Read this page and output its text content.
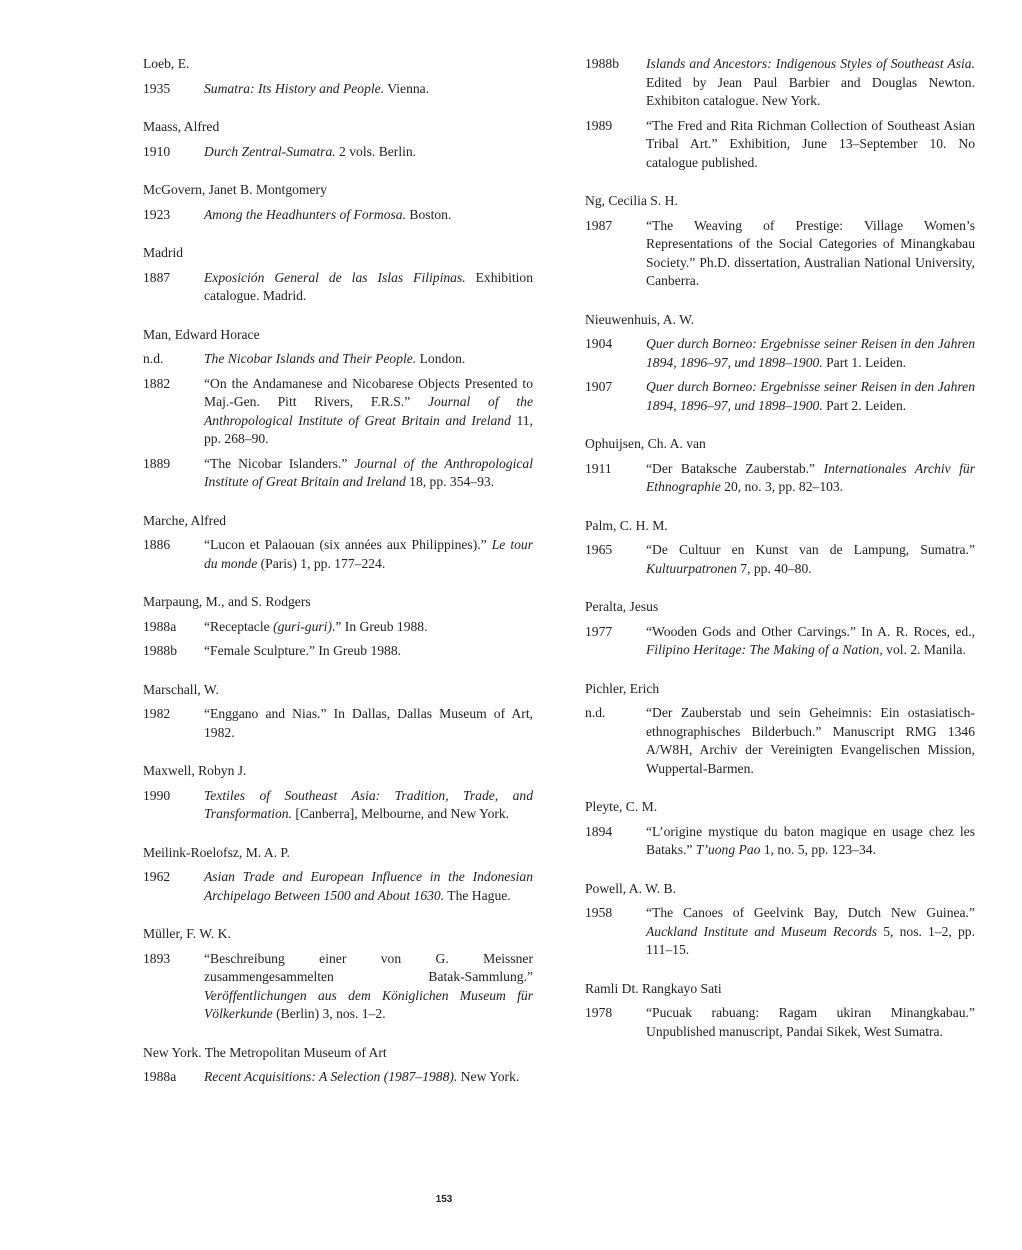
Loeb, E.

1935	Sumatra: Its History and People. Vienna.

Maass, Alfred

1910	Durch Zentral-Sumatra. 2 vols. Berlin.

McGovern, Janet B. Montgomery

1923	Among the Headhunters of Formosa. Boston.

Madrid

1887	Exposición General de las Islas Filipinas. Exhibition catalogue. Madrid.

Man, Edward Horace

n.d.	The Nicobar Islands and Their People. London.
1882	“On the Andamanese and Nicobarese Objects Presented to Maj.-Gen. Pitt Rivers, F.R.S.” Journal of the Anthropological Institute of Great Britain and Ireland 11, pp. 268–90.
1889	“The Nicobar Islanders.” Journal of the Anthropological Institute of Great Britain and Ireland 18, pp. 354–93.

Marche, Alfred

1886	“Lucon et Palaouan (six années aux Philippines).” Le tour du monde (Paris) 1, pp. 177–224.

Marpaung, M., and S. Rodgers

1988a	“Receptacle (guri-guri).” In Greub 1988.
1988b	“Female Sculpture.” In Greub 1988.

Marschall, W.

1982	“Enggano and Nias.” In Dallas, Dallas Museum of Art, 1982.

Maxwell, Robyn J.

1990	Textiles of Southeast Asia: Tradition, Trade, and Transformation. [Canberra], Melbourne, and New York.

Meilink-Roelofsz, M. A. P.

1962	Asian Trade and European Influence in the Indonesian Archipelago Between 1500 and About 1630. The Hague.

Müller, F. W. K.

1893	“Beschreibung einer von G. Meissner zusammengesammelten Batak-Sammlung.” Veröffentlichungen aus dem Königlichen Museum für Völkerkunde (Berlin) 3, nos. 1–2.

New York. The Metropolitan Museum of Art

1988a	Recent Acquisitions: A Selection (1987–1988). New York.
1988b	Islands and Ancestors: Indigenous Styles of Southeast Asia. Edited by Jean Paul Barbier and Douglas Newton. Exhibiton catalogue. New York.
1989	“The Fred and Rita Richman Collection of Southeast Asian Tribal Art.” Exhibition, June 13–September 10. No catalogue published.

Ng, Cecilia S. H.

1987	“The Weaving of Prestige: Village Women’s Representations of the Social Categories of Minangkabau Society.” Ph.D. dissertation, Australian National University, Canberra.

Nieuwenhuis, A. W.

1904	Quer durch Borneo: Ergebnisse seiner Reisen in den Jahren 1894, 1896–97, und 1898–1900. Part 1. Leiden.
1907	Quer durch Borneo: Ergebnisse seiner Reisen in den Jahren 1894, 1896–97, und 1898–1900. Part 2. Leiden.

Ophuijsen, Ch. A. van

1911	“Der Bataksche Zauberstab.” Internationales Archiv für Ethnographie 20, no. 3, pp. 82–103.

Palm, C. H. M.

1965	“De Cultuur en Kunst van de Lampung, Sumatra.” Kultuurpatronen 7, pp. 40–80.

Peralta, Jesus

1977	“Wooden Gods and Other Carvings.” In A. R. Roces, ed., Filipino Heritage: The Making of a Nation, vol. 2. Manila.

Pichler, Erich

n.d.	“Der Zauberstab und sein Geheimnis: Ein ostasiatisch-ethnographisches Bilderbuch.” Manuscript RMG 1346 A/W8H, Archiv der Vereinigten Evangelischen Mission, Wuppertal-Barmen.

Pleyte, C. M.

1894	“L’origine mystique du baton magique en usage chez les Bataks.” T’uong Pao 1, no. 5, pp. 123–34.

Powell, A. W. B.

1958	“The Canoes of Geelvink Bay, Dutch New Guinea.” Auckland Institute and Museum Records 5, nos. 1–2, pp. 111–15.

Ramli Dt. Rangkayo Sati

1978	“Pucuak rabuang: Ragam ukiran Minangkabau.” Unpublished manuscript, Pandai Sikek, West Sumatra.
153
